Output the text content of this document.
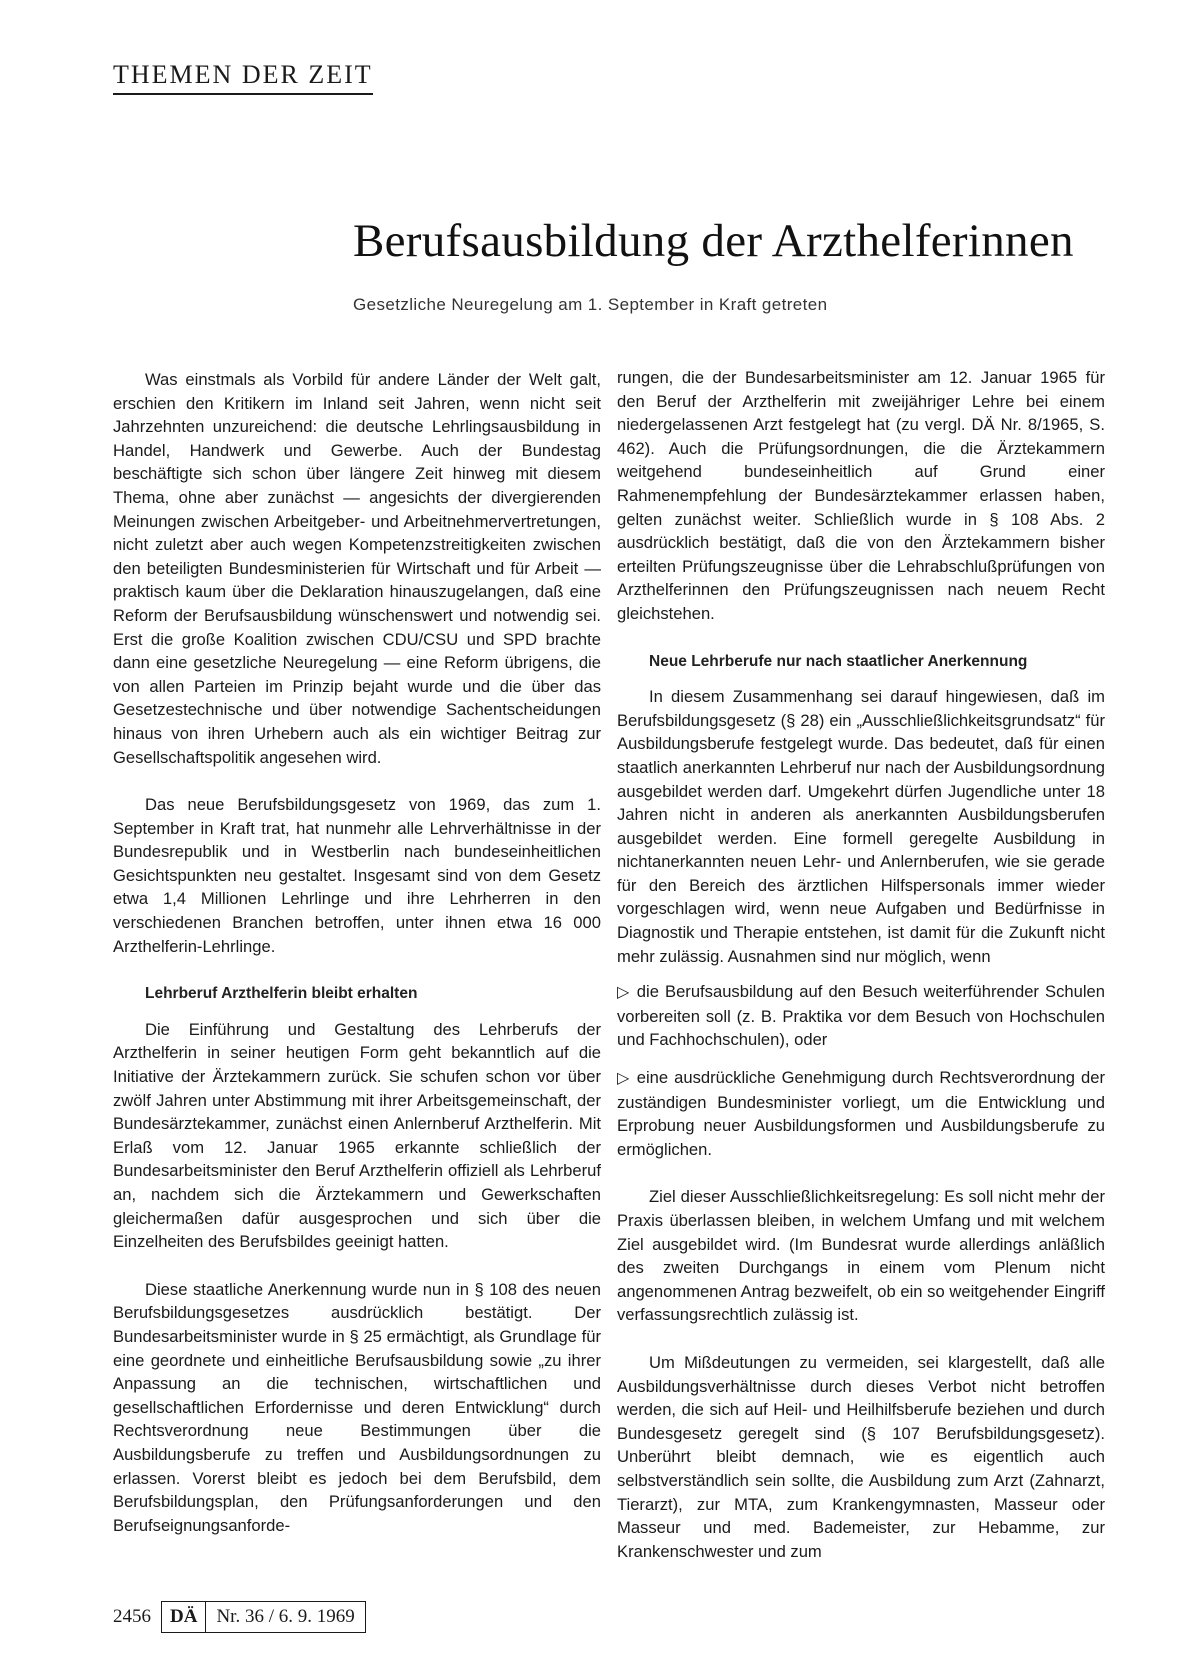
THEMEN DER ZEIT
Berufsausbildung der Arzthelferinnen
Gesetzliche Neuregelung am 1. September in Kraft getreten

Was einstmals als Vorbild für andere Länder der Welt galt, erschien den Kritikern im Inland seit Jahren, wenn nicht seit Jahrzehnten unzureichend: die deutsche Lehrlingsausbildung in Handel, Handwerk und Gewerbe. Auch der Bundestag beschäftigte sich schon über längere Zeit hinweg mit diesem Thema, ohne aber zunächst — angesichts der divergierenden Meinungen zwischen Arbeitgeber- und Arbeitnehmervertretungen, nicht zuletzt aber auch wegen Kompetenzstreitigkeiten zwischen den beteiligten Bundesministerien für Wirtschaft und für Arbeit — praktisch kaum über die Deklaration hinauszugelangen, daß eine Reform der Berufsausbildung wünschenswert und notwendig sei. Erst die große Koalition zwischen CDU/CSU und SPD brachte dann eine gesetzliche Neuregelung — eine Reform übrigens, die von allen Parteien im Prinzip bejaht wurde und die über das Gesetzestechnische und über notwendige Sachentscheidungen hinaus von ihren Urhebern auch als ein wichtiger Beitrag zur Gesellschaftspolitik angesehen wird.

Das neue Berufsbildungsgesetz von 1969, das zum 1. September in Kraft trat, hat nunmehr alle Lehrverhältnisse in der Bundesrepublik und in Westberlin nach bundeseinheitlichen Gesichtspunkten neu gestaltet. Insgesamt sind von dem Gesetz etwa 1,4 Millionen Lehrlinge und ihre Lehrherren in den verschiedenen Branchen betroffen, unter ihnen etwa 16 000 Arzthelferin-Lehrlinge.

Lehrberuf Arzthelferin bleibt erhalten

Die Einführung und Gestaltung des Lehrberufs der Arzthelferin in seiner heutigen Form geht bekanntlich auf die Initiative der Ärztekammern zurück. Sie schufen schon vor über zwölf Jahren unter Abstimmung mit ihrer Arbeitsgemeinschaft, der Bundesärztekammer, zunächst einen Anlernberuf Arzthelferin. Mit Erlaß vom 12. Januar 1965 erkannte schließlich der Bundesarbeitsminister den Beruf Arzthelferin offiziell als Lehrberuf an, nachdem sich die Ärztekammern und Gewerkschaften gleichermaßen dafür ausgesprochen und sich über die Einzelheiten des Berufsbildes geeinigt hatten.

Diese staatliche Anerkennung wurde nun in § 108 des neuen Berufsbildungsgesetzes ausdrücklich bestätigt. Der Bundesarbeitsminister wurde in § 25 ermächtigt, als Grundlage für eine geordnete und einheitliche Berufsausbildung sowie „zu ihrer Anpassung an die technischen, wirtschaftlichen und gesellschaftlichen Erfordernisse und deren Entwicklung“ durch Rechtsverordnung neue Bestimmungen über die Ausbildungsberufe zu treffen und Ausbildungsordnungen zu erlassen. Vorerst bleibt es jedoch bei dem Berufsbild, dem Berufsbildungsplan, den Prüfungsanforderungen und den Berufseignungsanforde-

rungen, die der Bundesarbeitsminister am 12. Januar 1965 für den Beruf der Arzthelferin mit zweijähriger Lehre bei einem niedergelassenen Arzt festgelegt hat (zu vergl. DÄ Nr. 8/1965, S. 462). Auch die Prüfungsordnungen, die die Ärztekammern weitgehend bundeseinheitlich auf Grund einer Rahmenempfehlung der Bundesärztekammer erlassen haben, gelten zunächst weiter. Schließlich wurde in § 108 Abs. 2 ausdrücklich bestätigt, daß die von den Ärztekammern bisher erteilten Prüfungszeugnisse über die Lehrabschlußprüfungen von Arzthelferinnen den Prüfungszeugnissen nach neuem Recht gleichstehen.

Neue Lehrberufe nur nach staatlicher Anerkennung

In diesem Zusammenhang sei darauf hingewiesen, daß im Berufsbildungsgesetz (§ 28) ein „Ausschließlichkeitsgrundsatz“ für Ausbildungsberufe festgelegt wurde. Das bedeutet, daß für einen staatlich anerkannten Lehrberuf nur nach der Ausbildungsordnung ausgebildet werden darf. Umgekehrt dürfen Jugendliche unter 18 Jahren nicht in anderen als anerkannten Ausbildungsberufen ausgebildet werden. Eine formell geregelte Ausbildung in nichtanerkannten neuen Lehr- und Anlernberufen, wie sie gerade für den Bereich des ärztlichen Hilfspersonals immer wieder vorgeschlagen wird, wenn neue Aufgaben und Bedürfnisse in Diagnostik und Therapie entstehen, ist damit für die Zukunft nicht mehr zulässig. Ausnahmen sind nur möglich, wenn

▷ die Berufsausbildung auf den Besuch weiterführender Schulen vorbereiten soll (z. B. Praktika vor dem Besuch von Hochschulen und Fachhochschulen), oder

▷ eine ausdrückliche Genehmigung durch Rechtsverordnung der zuständigen Bundesminister vorliegt, um die Entwicklung und Erprobung neuer Ausbildungsformen und Ausbildungsberufe zu ermöglichen.

Ziel dieser Ausschließlichkeitsregelung: Es soll nicht mehr der Praxis überlassen bleiben, in welchem Umfang und mit welchem Ziel ausgebildet wird. (Im Bundesrat wurde allerdings anläßlich des zweiten Durchgangs in einem vom Plenum nicht angenommenen Antrag bezweifelt, ob ein so weitgehender Eingriff verfassungsrechtlich zulässig ist.

Um Mißdeutungen zu vermeiden, sei klargestellt, daß alle Ausbildungsverhältnisse durch dieses Verbot nicht betroffen werden, die sich auf Heil- und Heilhilfsberufe beziehen und durch Bundesgesetz geregelt sind (§ 107 Berufsbildungsgesetz). Unberührt bleibt demnach, wie es eigentlich auch selbstverständlich sein sollte, die Ausbildung zum Arzt (Zahnarzt, Tierarzt), zur MTA, zum Krankengymnasten, Masseur oder Masseur und med. Bademeister, zur Hebamme, zur Krankenschwester und zum

2456	DÄ	Nr. 36 / 6. 9. 1969
